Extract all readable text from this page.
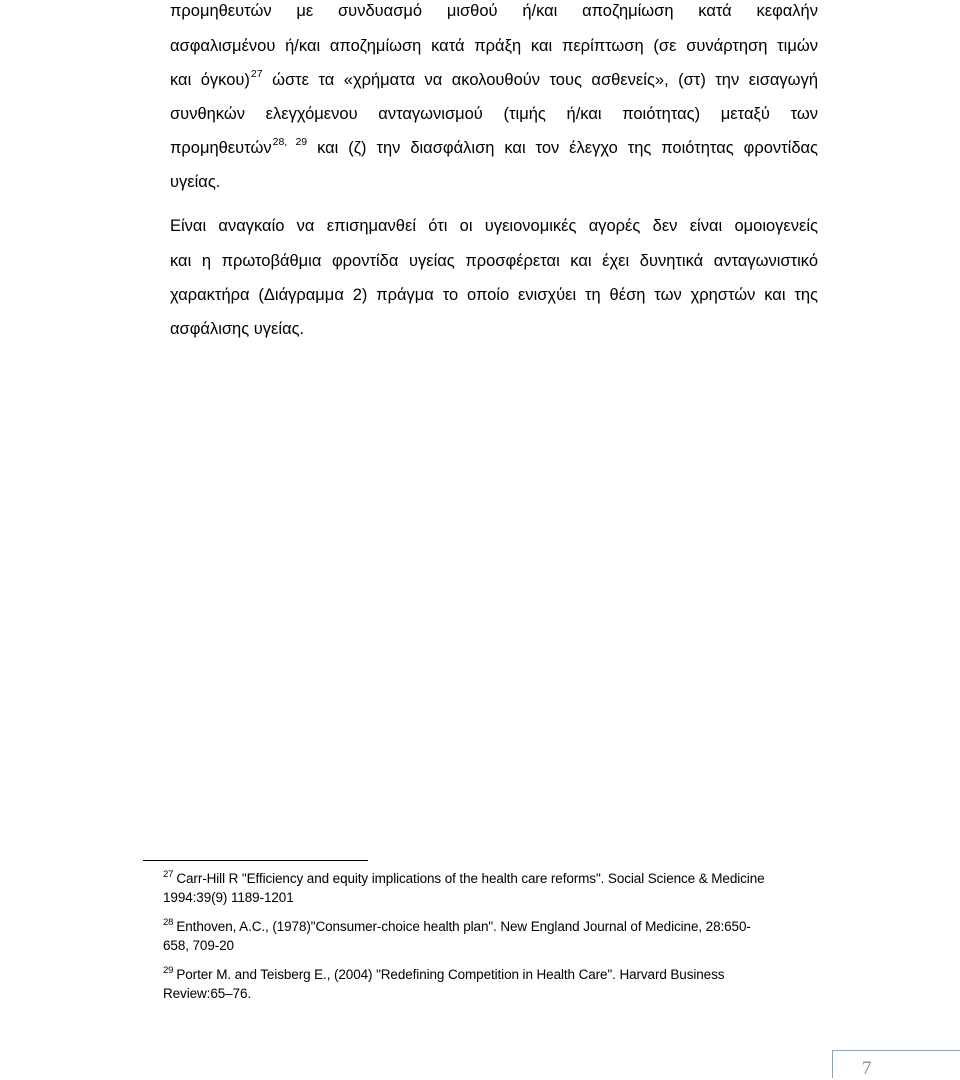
προμηθευτών με συνδυασμό μισθού ή/και αποζημίωση κατά κεφαλήν
ασφαλισμένου ή/και αποζημίωση κατά πράξη και περίπτωση (σε συνάρτηση τιμών
και όγκου)$^{27}$ ώστε τα «χρήματα να ακολουθούν τους ασθενείς», (στ) την εισαγωγή
συνθηκών ελεγχόμενου ανταγωνισμού (τιμής ή/και ποιότητας) μεταξύ των
προμηθευτών$^{28, 29}$ και (ζ) την διασφάλιση και τον έλεγχο της ποιότητας φροντίδας
υγείας.
Είναι αναγκαίο να επισημανθεί ότι οι υγειονομικές αγορές δεν είναι ομοιογενείς
και η πρωτοβάθμια φροντίδα υγείας προσφέρεται και έχει δυνητικά ανταγωνιστικό
χαρακτήρα (Διάγραμμα 2) πράγμα το οποίο ενισχύει τη θέση των χρηστών και της
ασφάλισης υγείας.
$^{27}$ Carr-Hill R "Efficiency and equity implications of the health care reforms". Social Science & Medicine
1994:39(9) 1189-1201
$^{28}$ Enthoven, A.C., (1978)"Consumer-choice health plan". New England Journal of Medicine, 28:650-
658, 709-20
$^{29}$ Porter M. and Teisberg E., (2004) "Redefining Competition in Health Care". Harvard Business
Review:65–76.
7
